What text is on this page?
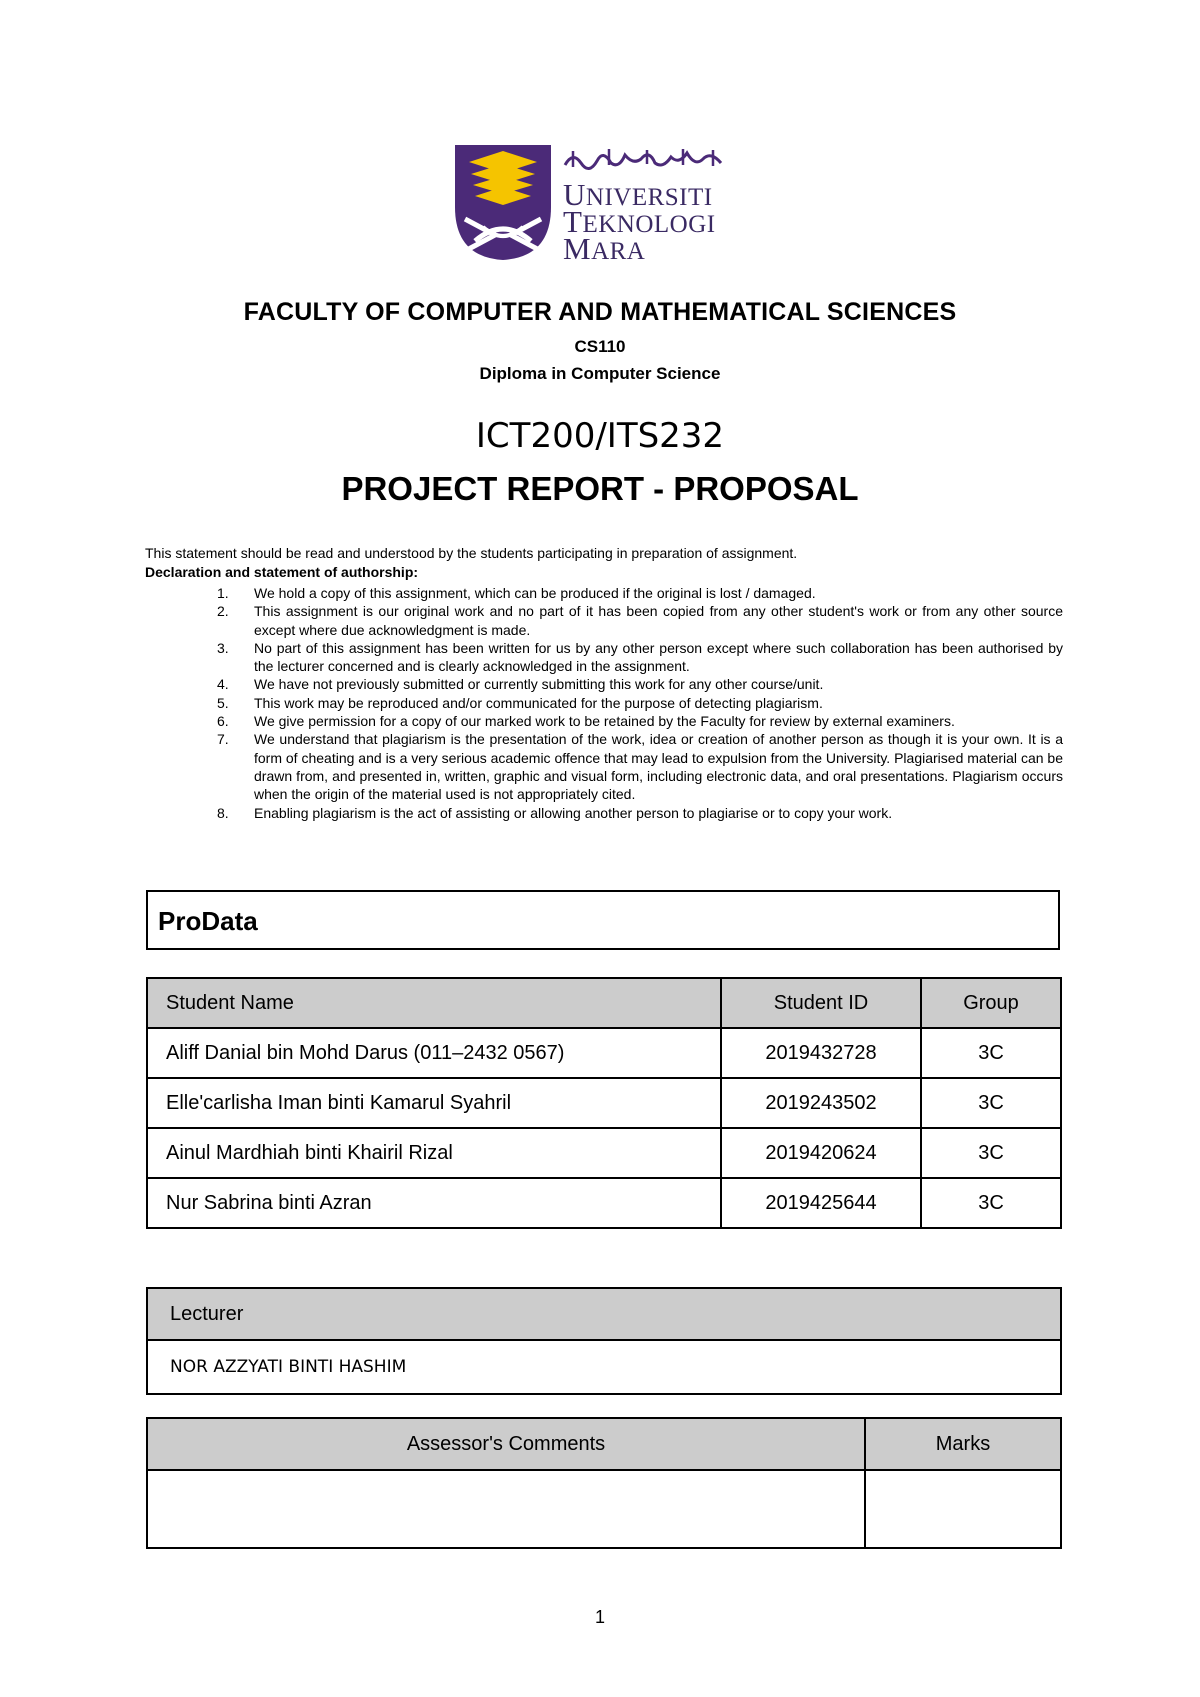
UNIVERSITI
TEKNOLOGI
MARA
FACULTY OF COMPUTER AND MATHEMATICAL SCIENCES
CS110
Diploma in Computer Science
ICT200/ITS232
PROJECT REPORT - PROPOSAL
This statement should be read and understood by the students participating in preparation of assignment.
Declaration and statement of authorship:
1. We hold a copy of this assignment, which can be produced if the original is lost / damaged.
2. This assignment is our original work and no part of it has been copied from any other student's work or from any other source except where due acknowledgment is made.
3. No part of this assignment has been written for us by any other person except where such collaboration has been authorised by the lecturer concerned and is clearly acknowledged in the assignment.
4. We have not previously submitted or currently submitting this work for any other course/unit.
5. This work may be reproduced and/or communicated for the purpose of detecting plagiarism.
6. We give permission for a copy of our marked work to be retained by the Faculty for review by external examiners.
7. We understand that plagiarism is the presentation of the work, idea or creation of another person as though it is your own. It is a form of cheating and is a very serious academic offence that may lead to expulsion from the University. Plagiarised material can be drawn from, and presented in, written, graphic and visual form, including electronic data, and oral presentations. Plagiarism occurs when the origin of the material used is not appropriately cited.
8. Enabling plagiarism is the act of assisting or allowing another person to plagiarise or to copy your work.
ProData
Student Name	Student ID	Group
Aliff Danial bin Mohd Darus (011–2432 0567)	2019432728	3C
Elle'carlisha Iman binti Kamarul Syahril	2019243502	3C
Ainul Mardhiah binti Khairil Rizal	2019420624	3C
Nur Sabrina binti Azran	2019425644	3C
Lecturer
NOR AZZYATI BINTI HASHIM
Assessor's Comments	Marks

1
